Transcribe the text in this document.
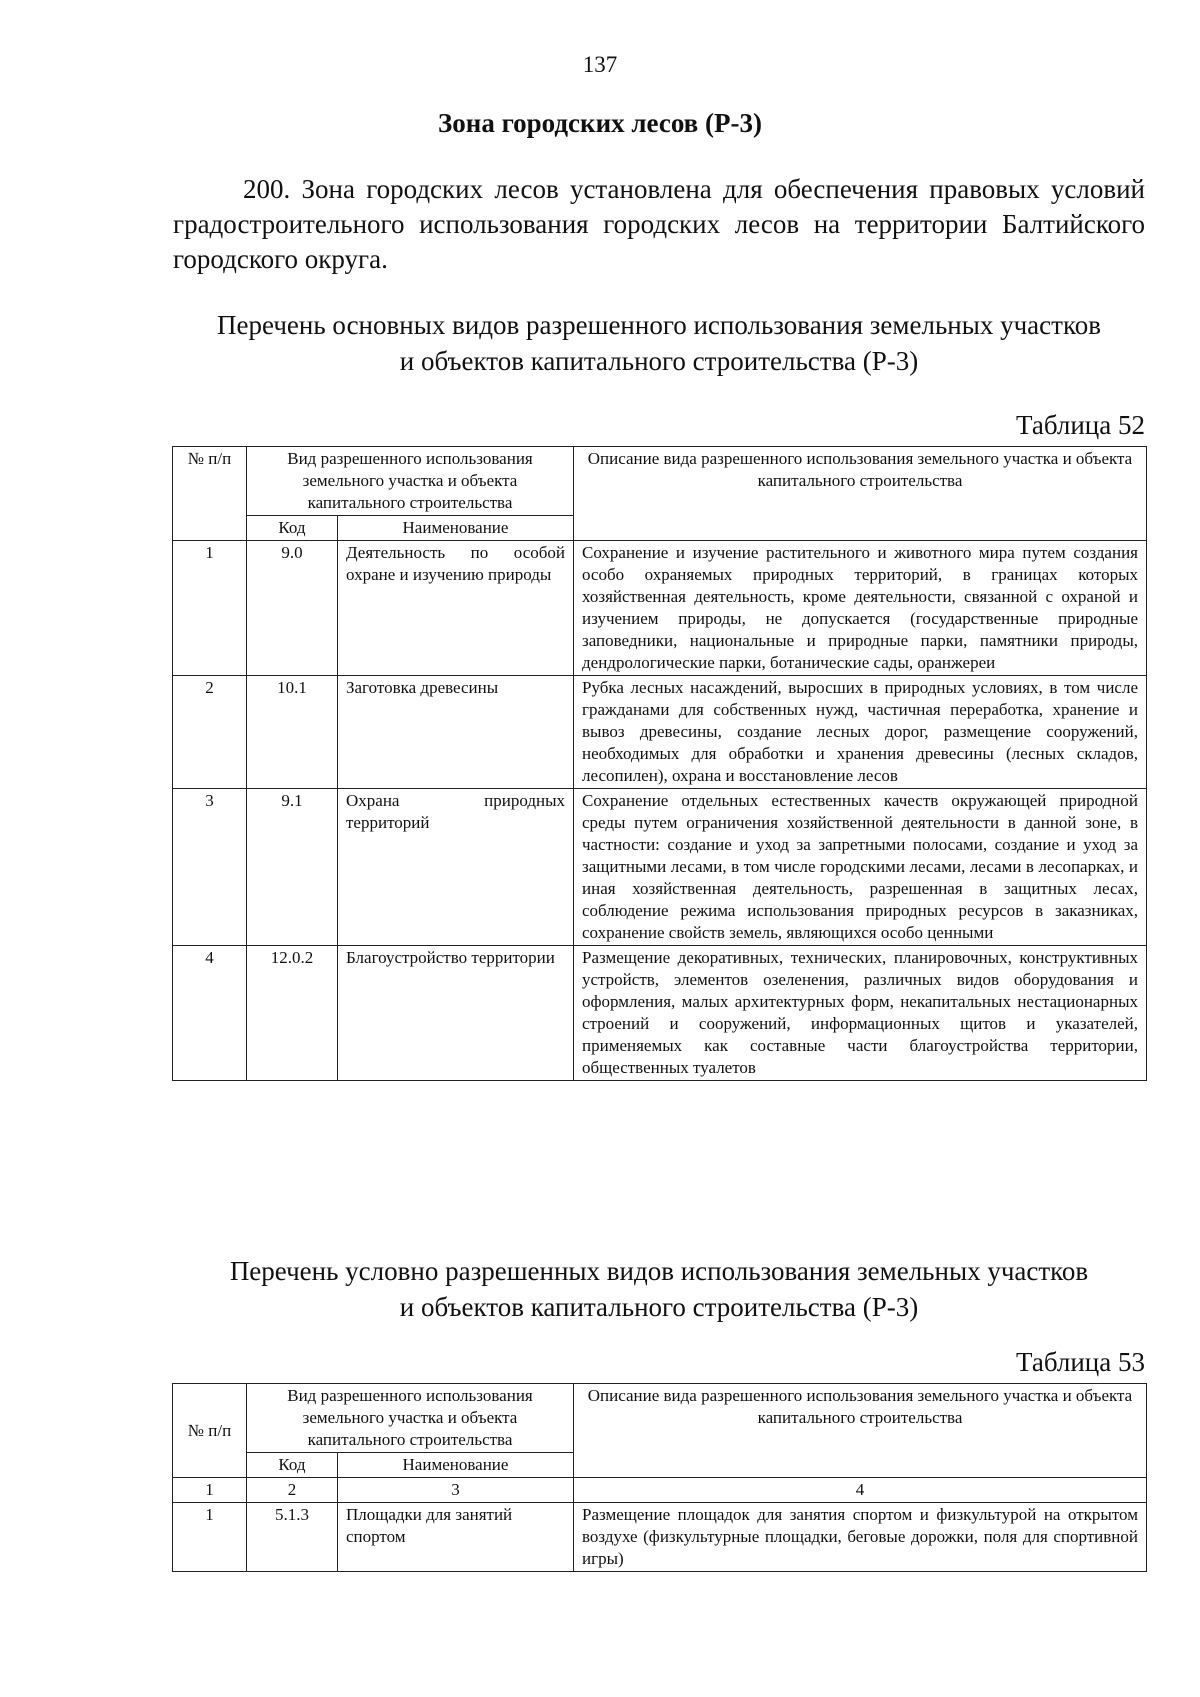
137
Зона городских лесов (Р-3)

200. Зона городских лесов установлена для обеспечения правовых условий градостроительного использования городских лесов на территории Балтийского городского округа.

Перечень основных видов разрешенного использования земельных участков
и объектов капитального строительства (Р-3)
Таблица 52
№ п/п	Вид разрешенного использования земельного участка и объекта капитального строительства		Описание вида разрешенного использования земельного участка и объекта капитального строительства
	Код	Наименование	
1	9.0	Деятельность по особой охране и изучению природы	Сохранение и изучение растительного и животного мира путем создания особо охраняемых природных территорий, в границах которых хозяйственная деятельность, кроме деятельности, связанной с охраной и изучением природы, не допускается (государственные природные заповедники, национальные и природные парки, памятники природы, дендрологические парки, ботанические сады, оранжереи
2	10.1	Заготовка древесины	Рубка лесных насаждений, выросших в природных условиях, в том числе гражданами для собственных нужд, частичная переработка, хранение и вывоз древесины, создание лесных дорог, размещение сооружений, необходимых для обработки и хранения древесины (лесных складов, лесопилен), охрана и восстановление лесов
3	9.1	Охрана природных территорий	Сохранение отдельных естественных качеств окружающей природной среды путем ограничения хозяйственной деятельности в данной зоне, в частности: создание и уход за запретными полосами, создание и уход за защитными лесами, в том числе городскими лесами, лесами в лесопарках, и иная хозяйственная деятельность, разрешенная в защитных лесах, соблюдение режима использования природных ресурсов в заказниках, сохранение свойств земель, являющихся особо ценными
4	12.0.2	Благоустройство территории	Размещение декоративных, технических, планировочных, конструктивных устройств, элементов озеленения, различных видов оборудования и оформления, малых архитектурных форм, некапитальных нестационарных строений и сооружений, информационных щитов и указателей, применяемых как составные части благоустройства территории, общественных туалетов
Перечень условно разрешенных видов использования земельных участков
и объектов капитального строительства (Р-3)
Таблица 53
№ п/п	Вид разрешенного использования земельного участка и объекта капитального строительства		Описание вида разрешенного использования земельного участка и объекта капитального строительства
	Код	Наименование	
1	2	3	4
1	5.1.3	Площадки для занятий спортом	Размещение площадок для занятия спортом и физкультурой на открытом воздухе (физкультурные площадки, беговые дорожки, поля для спортивной игры)
